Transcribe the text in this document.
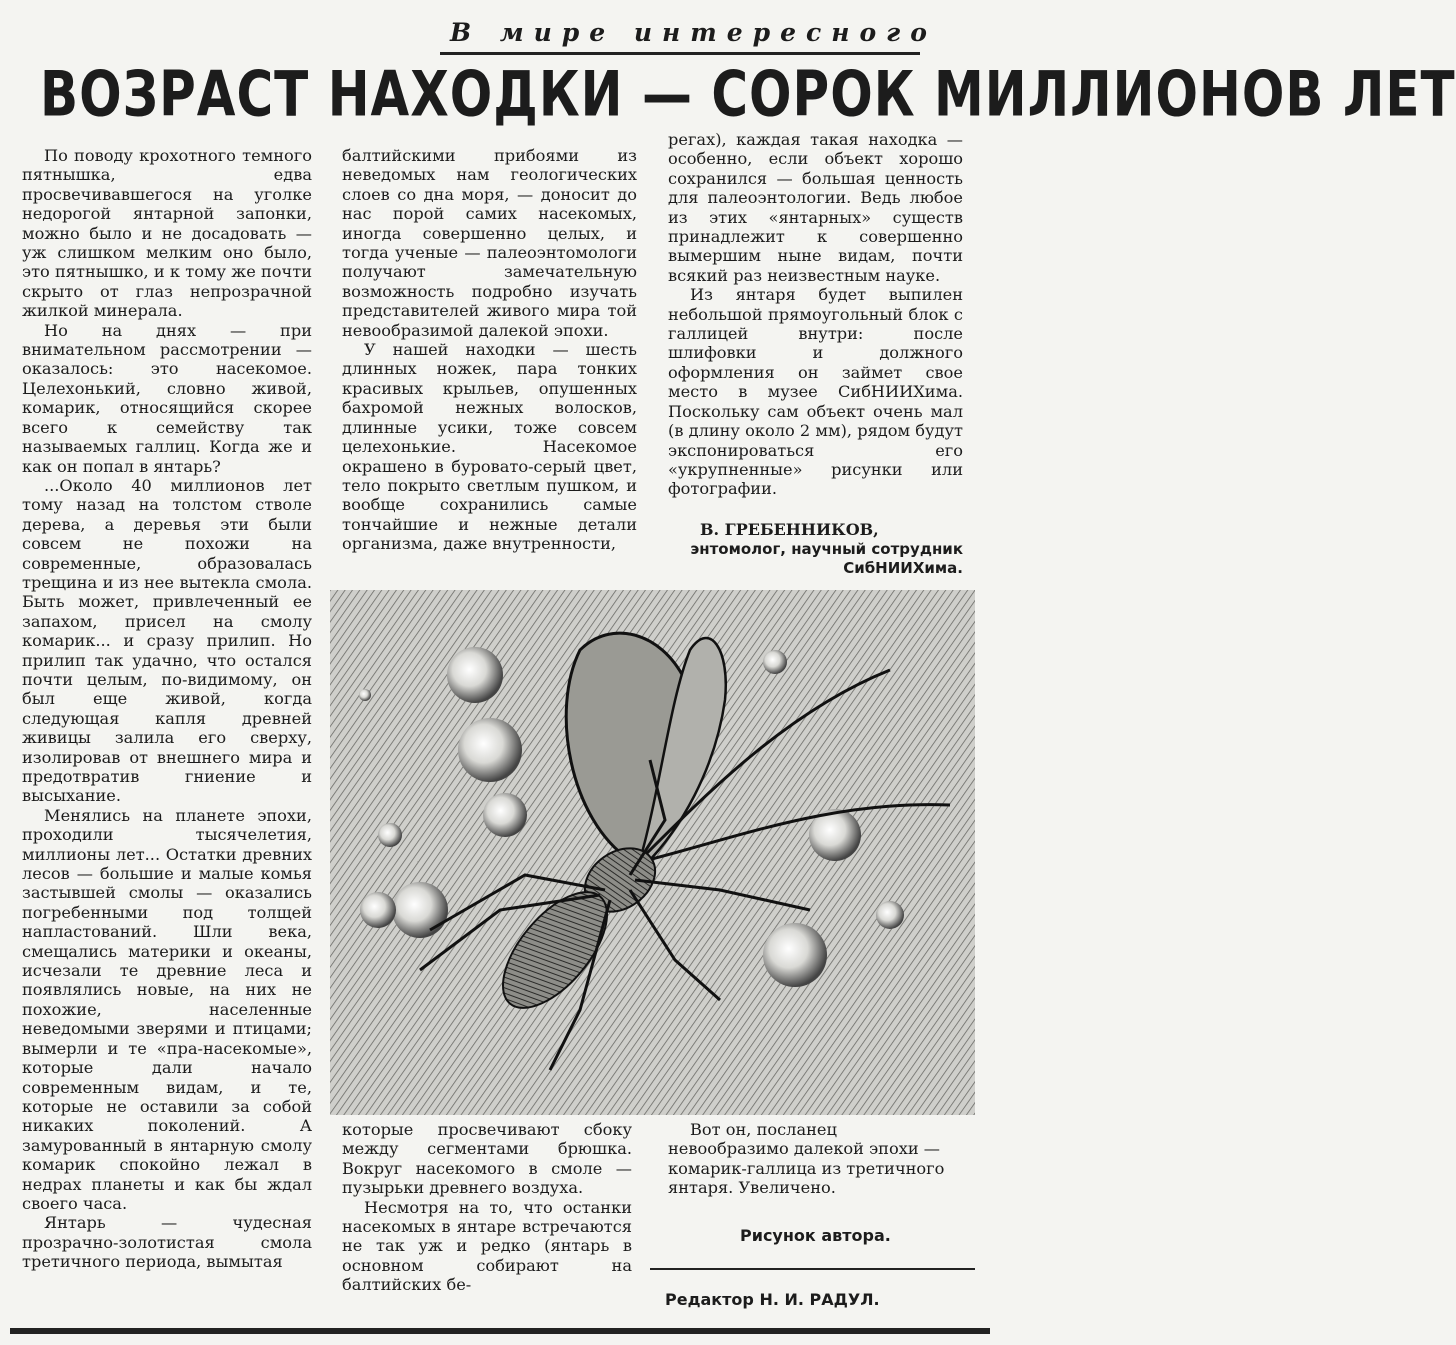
В мире интересного
ВОЗРАСТ НАХОДКИ — СОРОК МИЛЛИОНОВ ЛЕТ

По поводу крохотного темного пятнышка, едва просвечивавшегося на уголке недорогой янтарной запонки, можно было и не досадовать — уж слишком мелким оно было, это пятнышко, и к тому же почти скрыто от глаз непрозрачной жилкой минерала.

Но на днях — при внимательном рассмотрении — оказалось: это насекомое. Целехонький, словно живой, комарик, относящийся скорее всего к семейству так называемых галлиц. Когда же и как он попал в янтарь?

...Около 40 миллионов лет тому назад на толстом стволе дерева, а деревья эти были совсем не похожи на современные, образовалась трещина и из нее вытекла смола. Быть может, привлеченный ее запахом, присел на смолу комарик... и сразу прилип. Но прилип так удачно, что остался почти целым, по-видимому, он был еще живой, когда следующая капля древней живицы залила его сверху, изолировав от внешнего мира и предотвратив гниение и высыхание.

Менялись на планете эпохи, проходили тысячелетия, миллионы лет... Остатки древних лесов — большие и малые комья застывшей смолы — оказались погребенными под толщей напластований. Шли века, смещались материки и океаны, исчезали те древние леса и появлялись новые, на них не похожие, населенные неведомыми зверями и птицами; вымерли и те «пра-насекомые», которые дали начало современным видам, и те, которые не оставили за собой никаких поколений. А замурованный в янтарную смолу комарик спокойно лежал в недрах планеты и как бы ждал своего часа.

Янтарь — чудесная прозрачно-золотистая смола третичного периода, вымытая

балтийскими прибоями из неведомых нам геологических слоев со дна моря, — доносит до нас порой самих насекомых, иногда совершенно целых, и тогда ученые — палеоэнтомологи получают замечательную возможность подробно изучать представителей живого мира той невообразимой далекой эпохи.

У нашей находки — шесть длинных ножек, пара тонких красивых крыльев, опушенных бахромой нежных волосков, длинные усики, тоже совсем целехонькие. Насекомое окрашено в буровато-серый цвет, тело покрыто светлым пушком, и вообще сохранились самые тончайшие и нежные детали организма, даже внутренности,

регах), каждая такая находка — особенно, если объект хорошо сохранился — большая ценность для палеоэнтологии. Ведь любое из этих «янтарных» существ принадлежит к совершенно вымершим ныне видам, почти всякий раз неизвестным науке.

Из янтаря будет выпилен небольшой прямоугольный блок с галлицей внутри: после шлифовки и должного оформления он займет свое место в музее СибНИИХима. Поскольку сам объект очень мал (в длину около 2 мм), рядом будут экспонироваться его «укрупненные» рисунки или фотографии.

В. ГРЕБЕННИКОВ,
энтомолог, научный сотрудник СибНИИХима.

которые просвечивают сбоку между сегментами брюшка. Вокруг насекомого в смоле — пузырьки древнего воздуха.

Несмотря на то, что останки насекомых в янтаре встречаются не так уж и редко (янтарь в основном собирают на балтийских бе-

Вот он, посланец невообразимо далекой эпохи — комарик-галлица из третичного янтаря. Увеличено.

Рисунок автора.
Редактор Н. И. РАДУЛ.
